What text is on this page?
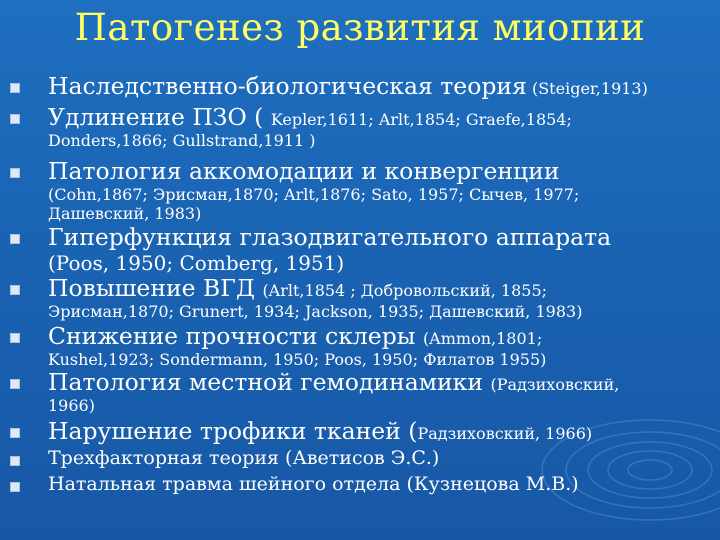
Патогенез развития миопии
Наследственно-биологическая теория (Steiger,1913)
Удлинение ПЗО ( Kepler,1611; Arlt,1854; Graefe,1854;
Donders,1866; Gullstrand,1911 )
Патология аккомодации и конвергенции
(Cohn,1867; Эрисман,1870; Arlt,1876; Sato, 1957; Сычев, 1977;
Дашевский, 1983)
Гиперфункция глазодвигательного аппарата
(Poos, 1950; Comberg, 1951)
Повышение ВГД (Arlt,1854 ; Добровольский, 1855;
Эрисман,1870; Grunert, 1934; Jackson, 1935; Дашевский, 1983)
Снижение прочности склеры (Ammon,1801;
Kushel,1923; Sondermann, 1950; Poos, 1950; Филатов 1955)
Патология местной гемодинамики (Радзиховский,
1966)
Нарушение трофики тканей (Радзиховский, 1966)
Трехфакторная теория (Аветисов Э.С.)
Натальная травма шейного отдела (Кузнецова М.В.)
